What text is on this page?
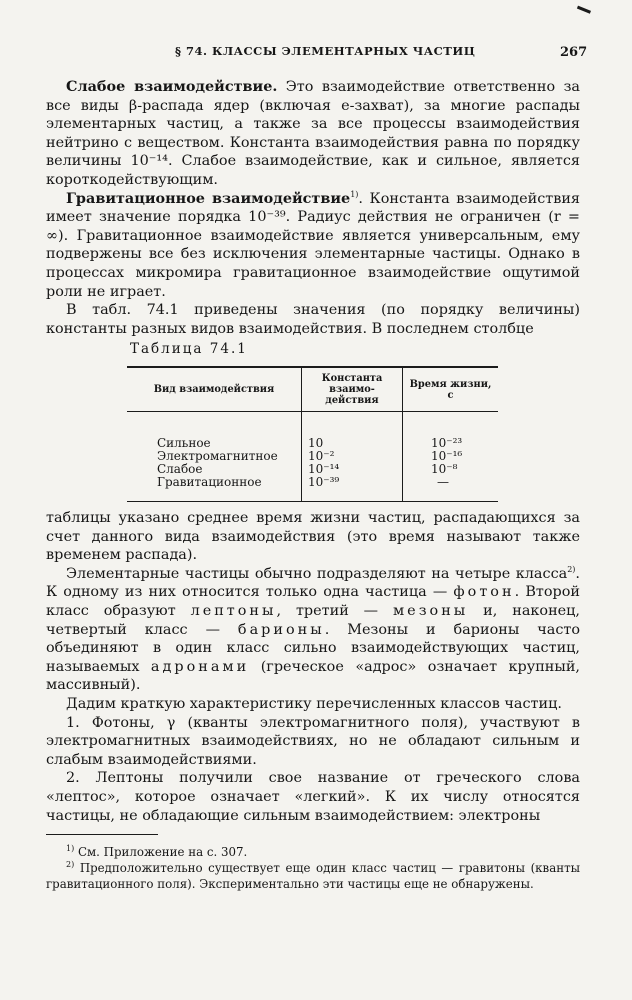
§ 74. КЛАССЫ ЭЛЕМЕНТАРНЫХ ЧАСТИЦ	267

Слабое взаимодействие. Это взаимодействие ответственно за все виды β-распада ядер (включая e-захват), за многие распады элементарных частиц, а также за все процессы взаимодействия нейтрино с веществом. Константа взаимодействия равна по порядку величины 10⁻¹⁴. Слабое взаимодействие, как и сильное, является короткодействующим.

Гравитационное взаимодействие$^{1)}$. Константа взаимодействия имеет значение порядка 10⁻³⁹. Радиус действия не ограничен (r = ∞). Гравитационное взаимодействие является универсальным, ему подвержены все без исключения элементарные частицы. Однако в процессах микромира гравитационное взаимодействие ощутимой роли не играет.

В табл. 74.1 приведены значения (по порядку величины) константы разных видов взаимодействия. В последнем столбце

Таблица 74.1
Вид взаимодействия	Константа взаимо-действия	Время жизни, с
Сильное	10	10⁻²³
Электромагнитное	10⁻²	10⁻¹⁶
Слабое	10⁻¹⁴	10⁻⁸
Гравитационное	10⁻³⁹	—

таблицы указано среднее время жизни частиц, распадающихся за счет данного вида взаимодействия (это время называют также временем распада).

Элементарные частицы обычно подразделяют на четыре класса$^{2)}$. К одному из них относится только одна частица — фотон. Второй класс образуют лептоны, третий — мезоны и, наконец, четвертый класс — барионы. Мезоны и барионы часто объединяют в один класс сильно взаимодействующих частиц, называемых адронами (греческое «адрос» означает крупный, массивный).

Дадим краткую характеристику перечисленных классов частиц.

1. Фотоны, γ (кванты электромагнитного поля), участвуют в электромагнитных взаимодействиях, но не обладают сильным и слабым взаимодействиями.

2. Лептоны получили свое название от греческого слова «лептос», которое означает «легкий». К их числу относятся частицы, не обладающие сильным взаимодействием: электроны

$^{1)}$ См. Приложение на с. 307.

$^{2)}$ Предположительно существует еще один класс частиц — гравитоны (кванты гравитационного поля). Экспериментально эти частицы еще не обнаружены.
